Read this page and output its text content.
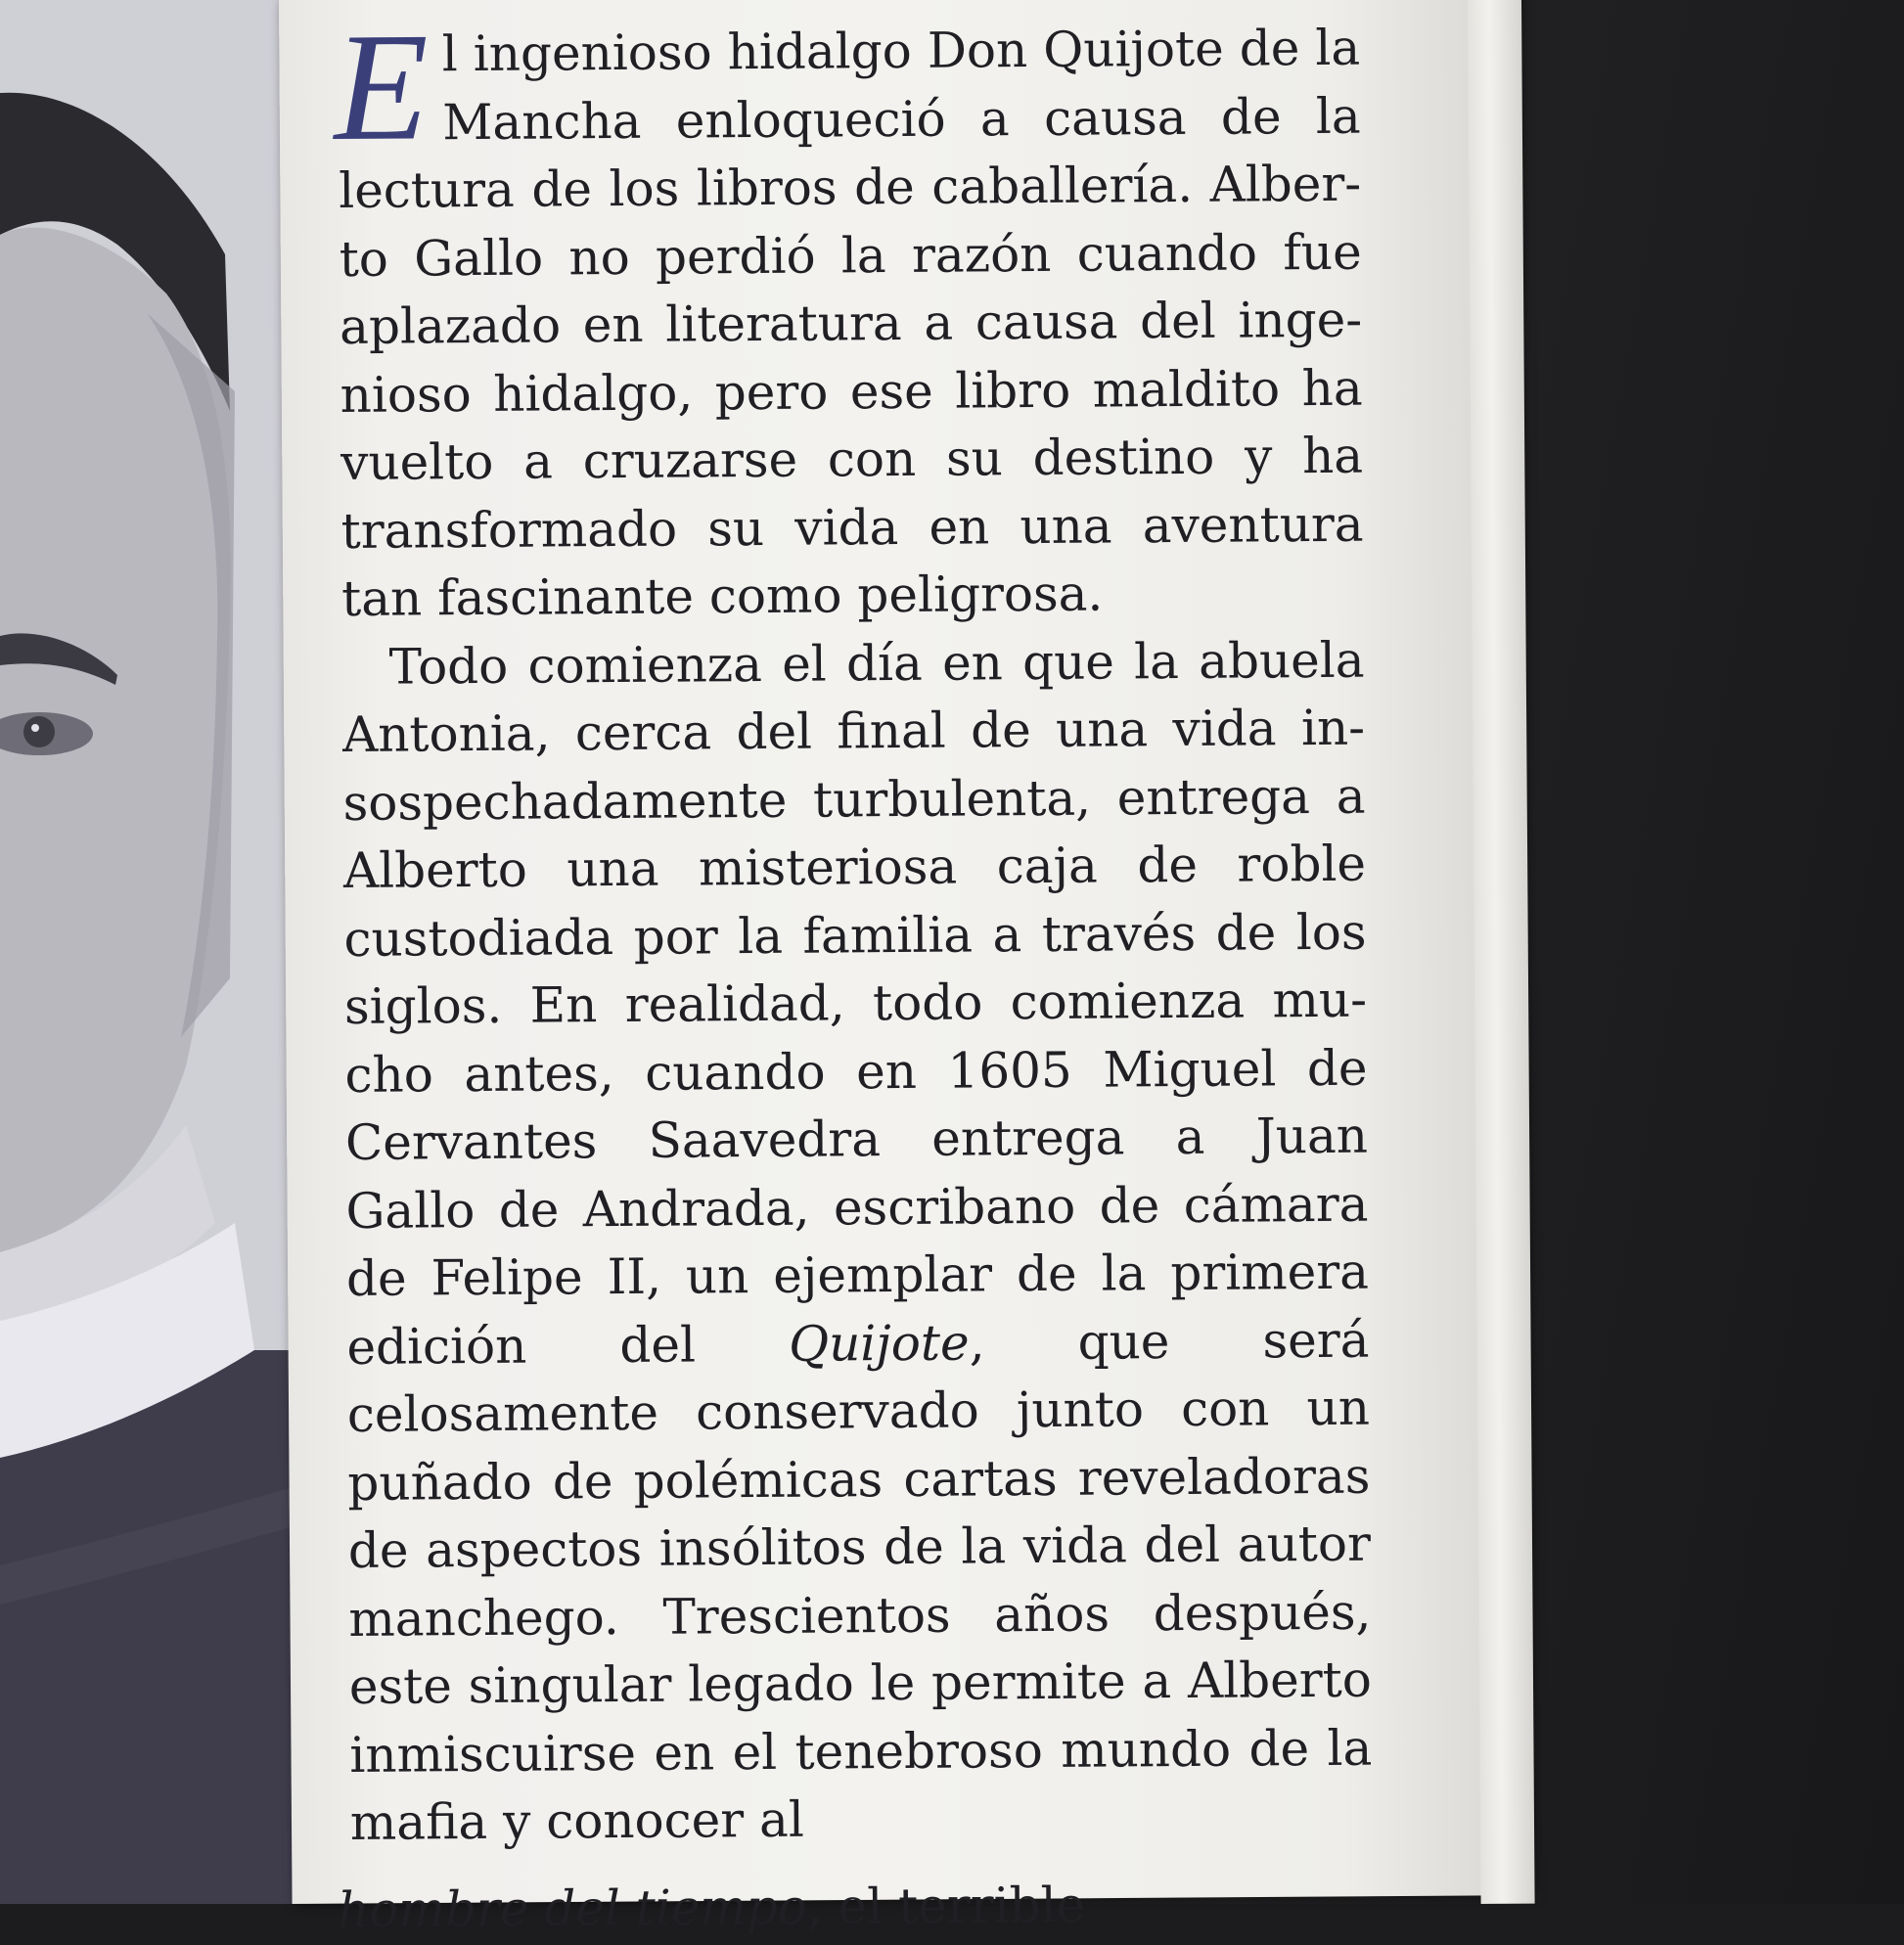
El ingenioso hidalgo Don Quijote de la Mancha enloqueció a causa de la lectura de los libros de caballería. Alberto Gallo no perdió la razón cuando fue aplazado en literatura a causa del ingenioso hidalgo, pero ese libro maldito ha vuelto a cruzarse con su destino y ha transformado su vida en una aventura tan fascinante como peligrosa.

Todo comienza el día en que la abuela Antonia, cerca del final de una vida insospechadamente turbulenta, entrega a Alberto una misteriosa caja de roble custodiada por la familia a través de los siglos. En realidad, todo comienza mucho antes, cuando en 1605 Miguel de Cervantes Saavedra entrega a Juan Gallo de Andrada, escribano de cámara de Felipe II, un ejemplar de la primera edición del Quijote, que será celosamente conservado junto con un puñado de polémicas cartas reveladoras de aspectos insólitos de la vida del autor manchego. Trescientos años después, este singular legado le permite a Alberto inmiscuirse en el tenebroso mundo de la mafia y conocer al

hombre del tiempo, el terrible
